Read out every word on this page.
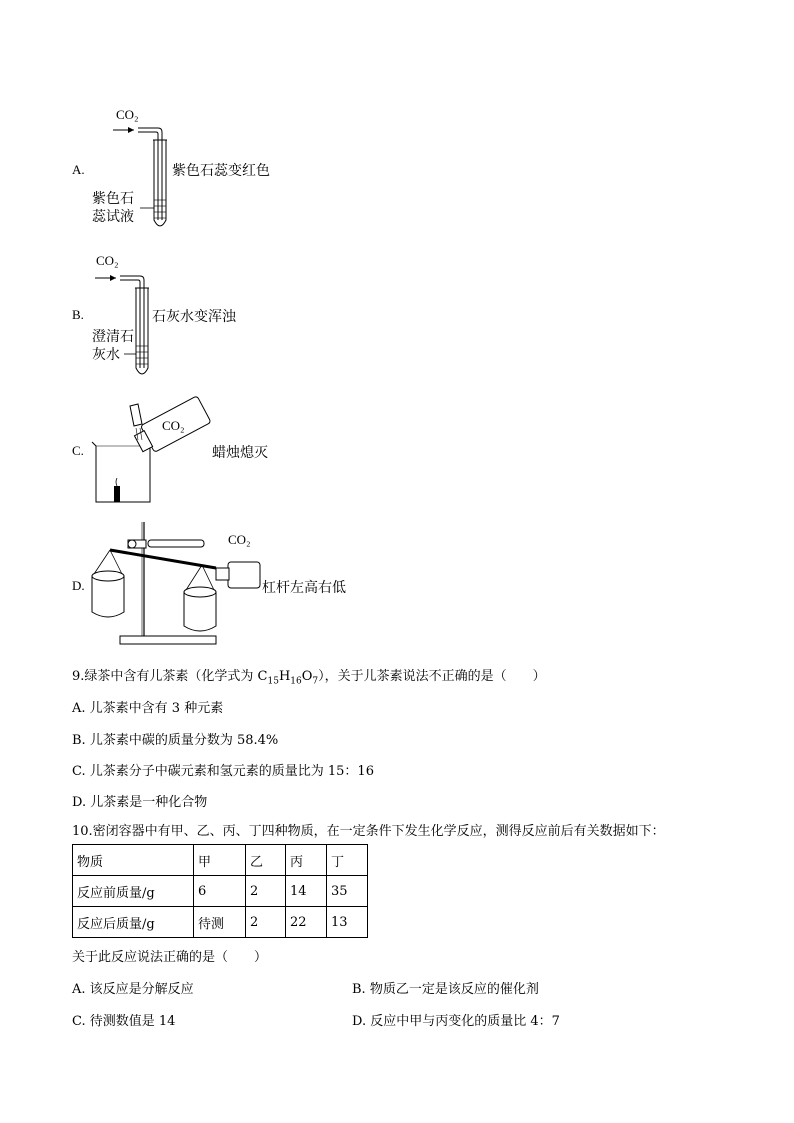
A.
CO₂
紫色石蕊变红色
紫色石
蕊试液
B.
CO₂
石灰水变浑浊
澄清石
灰水
C.
CO₂
蜡烛熄灭
D.
CO₂
杠杆左高右低
9.绿茶中含有儿茶素（化学式为 $C_{15}H_{16}O_7$），关于儿茶素说法不正确的是（　　）
A. 儿茶素中含有 3 种元素
B. 儿茶素中碳的质量分数为 58.4%
C. 儿茶素分子中碳元素和氢元素的质量比为 15：16
D. 儿茶素是一种化合物
10.密闭容器中有甲、乙、丙、丁四种物质，在一定条件下发生化学反应，测得反应前后有关数据如下：
物质	甲	乙	丙	丁
反应前质量/g	6	2	14	35
反应后质量/g	待测	2	22	13
关于此反应说法正确的是（　　）
A. 该反应是分解反应	B. 物质乙一定是该反应的催化剂
C. 待测数值是 14	D. 反应中甲与丙变化的质量比 4：7
